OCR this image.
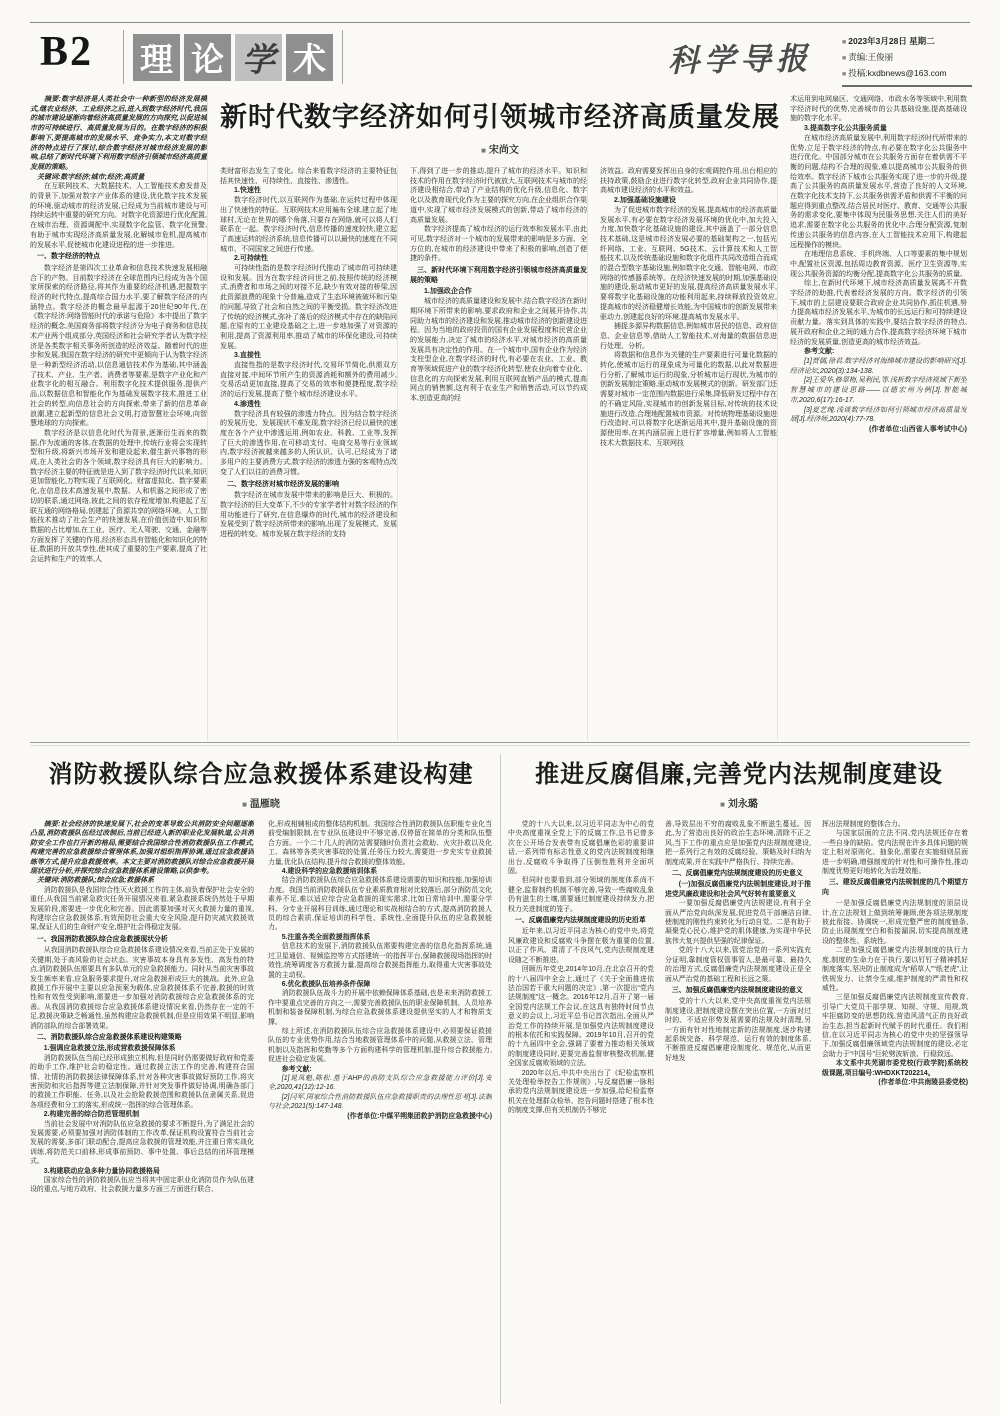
B2 理 论 学 术	科学导报	■ 2023年3月28日 星期二
■ 责编:王俊丽
■ 投稿:kxdbnews@163.com
新时代数字经济如何引领城市经济高质量发展
■ 宋尚文

摘要:数字经济是人类社会中一种新型的经济发展模式,继农业经济、工业经济之后,进入到数字经济时代,我国的城市建设逐渐向着经济高质量发展的方向探究,以促进城市的可持续进行、高质量发展为目的。在数字经济的积极影响下,要提高城市的发展水平、竞争实力,本文对数字经济的特点进行了探讨,综合数字经济对城市经济发展的影响,总结了新时代环境下利用数字经济引领城市经济高质量发展的策略。

关键词:数字经济;城市;经济;高质量

在互联网技术、大数据技术、人工智能技术愈发普及的背景下,加强对数字产业体系的建设,优化数字技术发展的环境,驱动城市的经济发展,已经成为当前城市建设与可持续运转中重要的研究方向。对数字化资源进行优化配置,在城市治理、资源调配中,实现数字化监管、数字化预警,有助于城市实现经济高质量发展,化解城市危机,提高城市的发展水平,促使城市化建设进程的进一步推进。

一、数字经济的特点

数字经济是第四次工业革命和信息技术快速发展相融合下的产物。目前数字经济在全球范围内已经成为各个国家所探索的经济路径,将其作为重要的经济机遇,把握数字经济的时代特点,提高综合国力水平,要了解数字经济的内涵特点。数字经济的概念最早起源于20世纪90年代,在《数字经济:网络智能时代的承诺与危险》本中提出了数字经济的概念,美国商务部将数字经济分为电子商务和信息技术产业两个组成部分,英国经济和社会研究学者认为数字经济是各类数字相关事务所创造的经济效益。随着时代的进步和发展,我国在数字经济的研究中更倾向于认为数字经济是一种新型经济活动,以信息通信技术作为基础,其中涵盖了技术、产业、生产者、消费者等要素,是数字产业化和产业数字化的相互融合。利用数字化技术提供服务,提供产品,以数据信息和智能化作为基础发展数字技术,推进工业社会的转型,向信息社会的方向探索,带来了新的信息革命浪潮,建立起新型的信息社会文明,打造智慧社会环境,向智慧地球的方向探索。

数字经济是以信息化时代为背景,逐渐衍生而来的数据,作为流通的客体,在数据的处理中,传统行业将会实现转型和升级,将新兴市场开发和建设起来,催生新兴事物的形成,在人类社会的各个领域,数字经济具有巨大的影响力。数字经济主要的特征就是进入到了数字经济时代以来,知识更加智能化,万物实现了互联网化、财富虚拟化、数字要素化,在信息技术高速发展中,数据、人和机器之间形成了密切的联系,通过网络,彼此之间的依存程度增加,构建起了互联互通的网络格局,创建起了资源共享的网络环境。人工智能技术推动了社会生产的快速发展,在价值创造中,知识和数据的占比增加,在工业、医疗、无人驾驶、交通、金融等方面发挥了关键的作用,经济形态具有智能化和知识化的特征,数据的开放共享性,使其成了重要的生产要素,提高了社会运转和生产的效率,人

类财富形态发生了变化。综合来看数字经济的主要特征包括其快速性、可持续性、直接性、渗透性。

1.快速性

数字经济时代,以互联网作为基础,在运转过程中体现出了快速性的特征。互联网技术应用遍布全球,建立起了地球村,无论在世界的哪个角落,只要存在网络,就可以将人们联系在一起。数字经济时代,信息传播的速度较快,建立起了高速运转的经济系统,信息传播可以以最快的速度在不同城市、不同国家之间进行传递。

2.可持续性

可持续性指的是数字经济时代推动了城市的可持续建设和发展。因为在数字经济问世之前,按照传统的经济模式,消费者和市场之间的对接不足,缺少有效对接的桥梁,因此资源浪费的现象十分普遍,造成了生态环境被破坏和污染的问题,导致了社会和自然之间的平衡受损。数字经济改进了传统的经济模式,弥补了落后的经济模式中存在的缺陷问题,在原有的工业建设基础之上,进一步地加强了对资源的利用,提高了资源利用率,推动了城市的环保化建设,可持续发展。

3.直接性

直接性指的是数字经济时代,交易环节简化,供需双方直接对接,中间环节所产生的资源消耗和额外的费用减少,交易活动更加直接,提高了交易的效率和便捷程度,数字经济的运行发展,提高了整个城市经济建设水平。

4.渗透性

数字经济具有较强的渗透力特点。因为结合数字经济的发展历史、发展现状不难发现,数字经济已经以最快的速度在各个产业中渗透运用,例如农业、科教、工业等,发挥了巨大的渗透作用,在可移动支付、电商交易等行业领域内,数字经济被越来越多的人所认识、认可,已经成为了诸多用户的主要消费方式,数字经济的渗透力强的客观特点改变了人们以往的消费习惯。

二、数字经济对城市经济发展的影响

数字经济在城市发展中带来的影响是巨大、积极的。数字经济的巨大变革下,不少的专家学者针对数字经济的作用功能进行了研究,在信息爆炸的时代,城市的经济建设和发展受到了数字经济所带来的影响,出现了发展模式、发展进程的转变。城市发展在数字经济的支持

下,得到了进一步的推动,提升了城市的经济水平。知识和技术的作用在数字经济时代被放大,互联网技术与城市的经济建设相结合,带动了产业结构的优化升级,信息化、数字化以及教育现代化作为主要的探究方向,在企业组织合作渠道中,实现了城市经济发展模式的创新,带动了城市经济的高质量发展。

数字经济提高了城市经济的运行效率和发展水平,由此可见,数字经济对一个城市的发展带来的影响是多方面、全方位的,在城市的经济建设中带来了积极的影响,创造了便捷的条件。

三、新时代环境下利用数字经济引领城市经济高质量发展的策略

1.加强政企合作

城市经济的高质量建设和发展中,结合数字经济在新时期环境下所带来的影响,要求政府和企业之间展开协作,共同助力城市的经济建设和发展,推动城市经济的创新建设进程。因为当地的政府投资的国有企业发展程度和民营企业的发展能力,决定了城市的经济水平,对城市经济的高质量发展具有决定性的作用。在一个城市中,国有企业作为经济支柱型企业,在数字经济的时代,有必要在农业、工业、教育等领域促进产业的数字经济化转型,使农业向着专业化、信息化的方向探索发展,利用互联网直销产品的模式,提高网点的销售额,这有利于农业生产和销售活动,可以节约成本,创造更高的经

济效益。政府需要发挥出自身的宏观调控作用,出台相应的扶持政策,鼓励企业进行数字化转型,政府企业共同协作,提高城市建设经济的水平和效益。

2.加强基础设施建设

为了促进城市数字经济的发展,提高城市的经济高质量发展水平,有必要在数字经济发展环境的优化中,加大投入力度,加快数字化基础设施的建设,其中涵盖了一部分信息技术基础,这是城市经济发展必要的基础架构之一,包括光纤网络、工业、互联网、5G技术、云计算技术和人工智能技术,以及传统基础设施和数字化组件共同改造组合而成的混合型数字基础设施,例如数字化交通、智能电网、市政网络的传感器系统等。在经济快速发展的时期,加强基础设施的建设,驱动城市更好的发展,提高经济高质量发展水平,要将数字化基础设施的功能利用起来,持续释放投资效应,提高城市的经济稳健增长效能,为中国城市的创新发展带来驱动力,创建起良好的环境,提高城市发展水平。

捕捉多源异构数据信息,例如城市居民的信息、政府信息、企业信息等,借助人工智能技术,对海量的数据信息进行处理、分析。

将数据和信息作为关键的生产要素进行可量化数据的转化,使城市运行的现象成为可量化的数据,以此对数据进行分析,了解城市运行的现象,分析城市运行现状,为城市的创新发展制定策略,驱动城市发展模式的创新。研发部门还需要对城市一定范围内数据进行采集,降低研发过程中存在的不确定风险,实现城市的创新发展目标,对传统的技术设施进行改造,合理地配置城市资源。对传统物理基础设施进行改造时,可以将数字化逐渐运用其中,提升基础设施的资源使用率,在其内涵层面上进行扩容增量,例如将人工智能技术大数据技术、互联网技

术运用到电网扇区、交通网络、市政水务等领域中,利用数字经济时代的优势,完善城市的公共基础设施,提高基础设施的数字化水平。

3.提高数字化公共服务质量

在城市经济高质量发展中,利用数字经济时代所带来的优势,立足于数字经济的特点,有必要在数字化公共服务中进行优化。中国部分城市在公共服务方面存在着供需不平衡的问题,结构不合理的现象,难以提高城市公共服务的供给效率。数字经济下城市公共服务实现了进一步的升级,提高了公共服务的高质量发展水平,营造了良好的人文环境,在数字化技术支持下,公共服务供需矛盾和供需不平衡的问题应得到重点整改,结合居民对医疗、教育、交通等公共服务的需求变化,要集中体现为民服务思想,关注人们的美好追求,需要在数字化公共服务的优化中,合理分配资源,复制传递公共服务的信息内容,在人工智能技术应用下,构建起远程操作的模块。

在地理信息系统、手机终端、人口等要素的集中规划中,配置社区资源,包括周边教育资源、医疗卫生资源等,实现公共服务资源的均衡分配,提高数字化公共服务的质量。

综上,在新时代环境下,城市经济高质量发展离不开数字经济的助推,代表着经济发展的方向。数字经济的引领下,城市的上层建设要联合政府企业共同协作,抓住机遇,努力提高城市经济发展水平,为城市的长远运行和可持续建设贡献力量。落实到具体的实践中,要结合数字经济的特点,展开政府和企业之间的通力合作,提高数字经济环境下城市经济的发展质量,创造更高的城市经济效益。

参考文献:

[1]贾儒,徐君.数字经济对海绵城市建设的影响研究[J].经济论坛,2020(3):134-138.

[2]王爱华,修翠梅,吴利民,等.浅析数字经济视域下新型智慧城市的建设思路——以德宏州为例[J].智能城市,2020,6(17):16-17.

[3]夏艺瑰.浅谈数字经济如何引领城市经济高质量发展[J].经济师,2020(4):77-78.

(作者单位:山西省人事考试中心)

消防救援队综合应急救援体系建设构建
■ 温雁晓

摘要:社会经济的快速发展下,社会的变革导致公共消防安全问题逐渐凸显,消防救援队伍经过改制后,当前已经进入新的职业化发展轨道,公共消防安全工作也打开新的格局,需要结合我国综合性消防救援队伍工作模式,构建完善的应急救援综合管理体系,加强对组织指挥协调,通过应急救援训练等方式,提升应急救援效率。本文主要对消防救援队对综合应急救援开展现状进行分析,并探究综合应急救援体系建设策略,以供参考。

关键词:消防救援队;综合应急;救援体系

消防救援队是我国综合性灭火救援工作的主体,肩负着保护社会安全的重任,从我国当前紧急救灾任务开展情况来看,紧急救援系统仍然处于早期发展阶段,需要进一步优化和完善。因此需要加强对灭火救援力量的重视,构建综合应急救援体系,有效预防社会重大安全风险,提升防灾减灾救援效果,保证人们的生命财产安全,维护社会得稳定发展。

一、我国消防救援队综合应急救援现状分析

从我国消防救援队综合应急救援体系建设情况来看,当前正处于发展的关键期,处于高风险的社会状态。灾害事故本身具有多发性、高发性的特点,消防救援队伍需要具有多队单元的应急救援能力。同时从当前灾害事故发生频率来看,应急服务要求提升,对应急救援形成巨大的挑战。此外,应急救援工作开展中主要以应急预案为载体,应急救援体系不完善,救援的时效性和有效性受到影响,需要进一步加强对消防救援综合应急救援体系的完善。从我国消防救援综合应急救援体系建设情况来看,仍然存在一定的不足,救援决策缺乏畅通性,虽然构建应急救援机制,但是应用效果不明显,影响消防部队的综合部署效果。

二、消防救援队综合应急救援体系建设构建策略

1.强调应急救援立法,形成营救救援保障体系

消防救援队伍当前已经形成独立机构,但是同时仍需要做好政府和党委的助手工作,维护社会的稳定性。通过救援立法工作的完善,构建符合国情、社情的消防救援法律保障体系,针对各种灾害事故做好预防工作,将灾害预防和灾后指挥等建立法制保障,并针对突发事件做好协调,明确各部门的救援工作职能、任务,以及社会抢险救援范围和救援队伍隶属关系,促进各项经费和分工的落实,形成统一指挥的综合管理体系。

2.构建完善的综合防范管理机制

当前社会发展中对消防队伍应急救援的要求不断提升,为了满足社会的发展需要,必须要加强对消防体制的工作改革,保证机构设置符合当前社会发展的需要,多部门联动配合,提高应急救援的管理效能,并注重日常实战化训练,将防范关口前移,形成事前预防、事中处置、事后总结的闭环管理模式。

3.构建联动应急多种力量协同救援格局

国家综合性的消防救援队伍应当将其中固定职业化消防员作为队伍建设的重点,与地方政府、社会救援力量多方面三方面进行联合,

化,形成相辅相成的整体结构机制。我国综合性消防救援队伍职能专业化当前受编制限制,在专业队伍建设中不够完善,仅停留在简单的分类和队伍整合方面。一个二十几人的消防站需要随时负责社会救助、火灾扑救以及化工、森林等各类灾害事故的处置,任务压力较大,需要进一步充实专业救援力量,优化队伍结构,提升综合救援的整体效能。

4.建设科学的应急救援培训体系

结合消防救援队伍综合应急救援体系建设需要的知识和技能,加强培训力度。我国当前消防救援队伍专业素质教育相对比较落后,部分消防员文化素养不足,难以适应综合应急救援的现实需求,比如日常培训中,需要分学科、分专业开展科目训练,通过理论和实战相结合的方式,提高消防救援人员的综合素质,保证培训的科学性、系统性,全面提升队伍的应急救援能力。

5.注重各类全面救援指挥体系

信息技术的发展下,消防救援队伍需要构建完善的信息化指挥系统,通过卫星通信、视频监控等方式搭建统一的指挥平台,保障救援现场指挥的时效性,统筹调度各方救援力量,提高综合救援指挥能力,取得重大灾害事故处置的主动权。

6.优化救援队伍培养条件保障

消防救援队伍战斗力的开展中依赖保障体系基础,也是未来消防救援工作中要重点完善的方向之一,需要完善救援队伍的职业保障机制、人员培养机制和装备保障机制,为综合应急救援体系建设提供坚实的人才和物质支撑。

综上所述,在消防救援队伍综合应急救援体系建设中,必须要保证救援队伍的专业优势作用,结合当地救援管理体系中的问题,从救援立法、管理机制以及指挥和奖勤等多个方面构建科学的管理机制,提升综合救援能力,促进社会稳定发展。

参考文献:

[1]晁凤魁,陈松.基于AHP的消防支队综合应急救援能力评价[J].安全,2020,41(12):12-16.

[2]闫军.国家综合性消防救援队伍应急救援职责的法理性思考[J].法制与社会,2021(5):147-148.

(作者单位:中煤平朔集团救护消防应急救援中心)

推进反腐倡廉,完善党内法规制度建设
■ 刘永璐

党的十八大以来,以习近平同志为中心的党中央高度重视全党上下的反腐工作,总书记曾多次在公开场合发表带有反腐倡廉色彩的重要讲话,一系列带有标志性意义的党内法规制度相继出台,反腐败斗争取得了压倒性胜利并全面巩固。

但同时也要看到,部分领域的制度体系尚不健全,监督制约机制不够完善,导致一些腐败乱象仍有滋生的土壤,需要通过制度建设持续发力,把权力关进制度的笼子。

一、反腐倡廉党内法规制度建设的历史沿革

近年来,以习近平同志为核心的党中央,将党风廉政建设和反腐败斗争摆在极为重要的位置,以正了作风、肃清了不良风气,党内法规制度建设随之不断推进。

回顾历年党史,2014年10月,在北京召开的党的十八届四中全会上,通过了《关于全面推进依法治国若干重大问题的决定》,第一次提出“党内法规制度”这一概念。2016年12月,召开了第一届全国党内法规工作会议,在这具有独特时间节点意义的会议上,习近平总书记首次指出,全面从严治党工作的持续开展,是加强党内法规制度建设的根本依托和实践保障。2019年10月,召开的党的十九届四中全会,强调了要着力推动相关领域的制度建设同时,更要完善监督审核整改机制,健全国家反腐败领域的立法。

2020年以后,中共中央出台了《纪检监察机关处理检举控告工作规则》,与反腐倡廉一脉相承的党内法规制度建设进一步加强,给纪检监察机关在处理群众检举、控告问题时搭建了根本性的制度支撑,但有关机制仍不够完

善,导致层出不穷的腐败乱象不断滋生蔓延。因此,为了营造出良好的政治生态环境,清除不正之风,当下工作的重点应是加强党内法规制度建设,把一系列行之有效的反腐经验、策略及时归纳为制度成果,并在实践中严格执行、持续完善。

二、反腐倡廉党内法规制度建设的历史意义

(一)加强反腐倡廉党内法规制度建设,对于推进党风廉政建设和社会风气好转有重要意义

一要加强反腐倡廉党内法规建设,有利于全面从严治党向纵深发展,促进党员干部廉洁自律,使制度的刚性约束转化为行动自觉。二是有助于凝聚党心民心,维护党的肌体健康,为实现中华民族伟大复兴提供坚强的纪律保证。

党的十八大以来,管党治党的一系列实践充分证明,靠制度管权管事管人,是最可靠、最持久的治理方式,反腐倡廉党内法规制度建设正是全面从严治党的基础工程和长远之策。

三、加强反腐倡廉党内法规制度建设的意义

党的十八大以来,党中央高度重视党内法规制度建设,把制度建设摆在突出位置,一方面对过时的、不适应形势发展需要的法规及时清理,另一方面有针对性地制定新的法规制度,逐步构建起系统完备、科学规范、运行有效的制度体系,不断推进反腐倡廉建设制度化、规范化,从而更好地发

挥出法规制度的整体合力。

与国家层面的立法不同,党内法规还存在着一些自身的缺陷。党内法规在许多具体问题的规定上相对原则化、抽象化,需要在实施细则层面进一步明确,增强制度的针对性和可操作性,推动制度优势更好地转化为治理效能。

三、建设反腐倡廉党内法规制度的几个期望方向

一是加强反腐倡廉党内法规制度的顶层设计,在立法规划上做到统筹兼顾,使各项法规制度彼此衔接、协调统一,形成完整严密的制度链条,防止出现制度空白和衔接漏洞,切实提高制度建设的整体性、系统性。

二是加强反腐倡廉党内法规制度的执行力度,制度的生命力在于执行,要以钉钉子精神抓好制度落实,坚决防止制度成为“稻草人”“纸老虎”,让铁规发力、让禁令生威,维护制度的严肃性和权威性。

三是加强反腐倡廉党内法规制度宣传教育,引导广大党员干部学规、知规、守规、用规,筑牢拒腐防变的思想防线,营造风清气正的良好政治生态,担当起新时代赋予的时代重任。我们相信,在以习近平同志为核心的党中央的坚强领导下,加强反腐倡廉领域党内法规制度的建设,必定会助力于“中国号”巨轮劈波斩浪、行稳致远。

本文系中共芜湖市委党校(行政学院)系统校级课题,项目编号:WHDXKT202214。

(作者单位:中共南陵县委党校)
